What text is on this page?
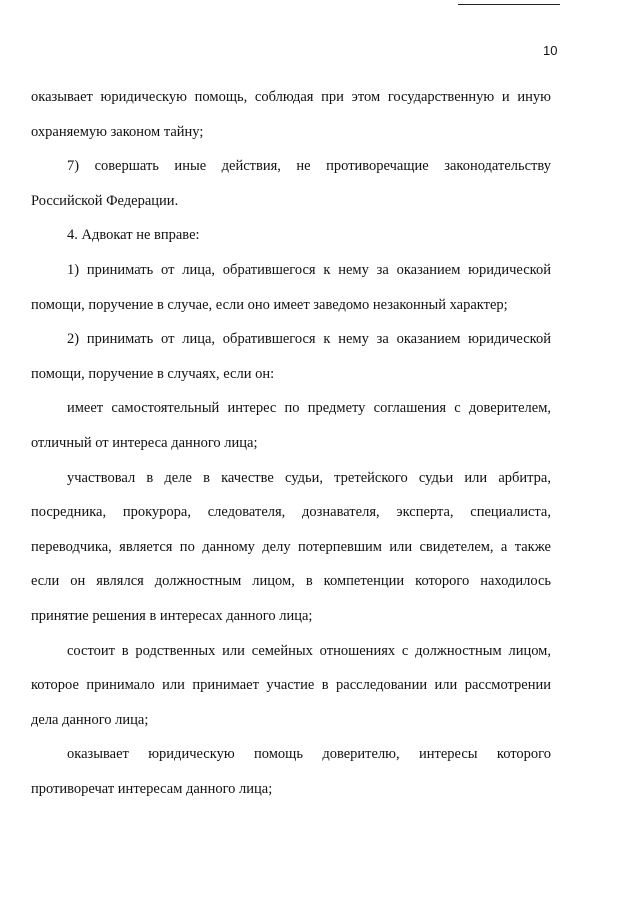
10

оказывает юридическую помощь, соблюдая при этом государственную и иную
охраняемую законом тайну;

7) совершать иные действия, не противоречащие законодательству
Российской Федерации.

4. Адвокат не вправе:

1) принимать от лица, обратившегося к нему за оказанием юридической
помощи, поручение в случае, если оно имеет заведомо незаконный характер;

2) принимать от лица, обратившегося к нему за оказанием юридической
помощи, поручение в случаях, если он:

имеет самостоятельный интерес по предмету соглашения с доверителем,
отличный от интереса данного лица;

участвовал в деле в качестве судьи, третейского судьи или арбитра,
посредника, прокурора, следователя, дознавателя, эксперта, специалиста,
переводчика, является по данному делу потерпевшим или свидетелем, а также
если он являлся должностным лицом, в компетенции которого находилось
принятие решения в интересах данного лица;

состоит в родственных или семейных отношениях с должностным лицом,
которое принимало или принимает участие в расследовании или рассмотрении
дела данного лица;

оказывает юридическую помощь доверителю, интересы которого
противоречат интересам данного лица;
